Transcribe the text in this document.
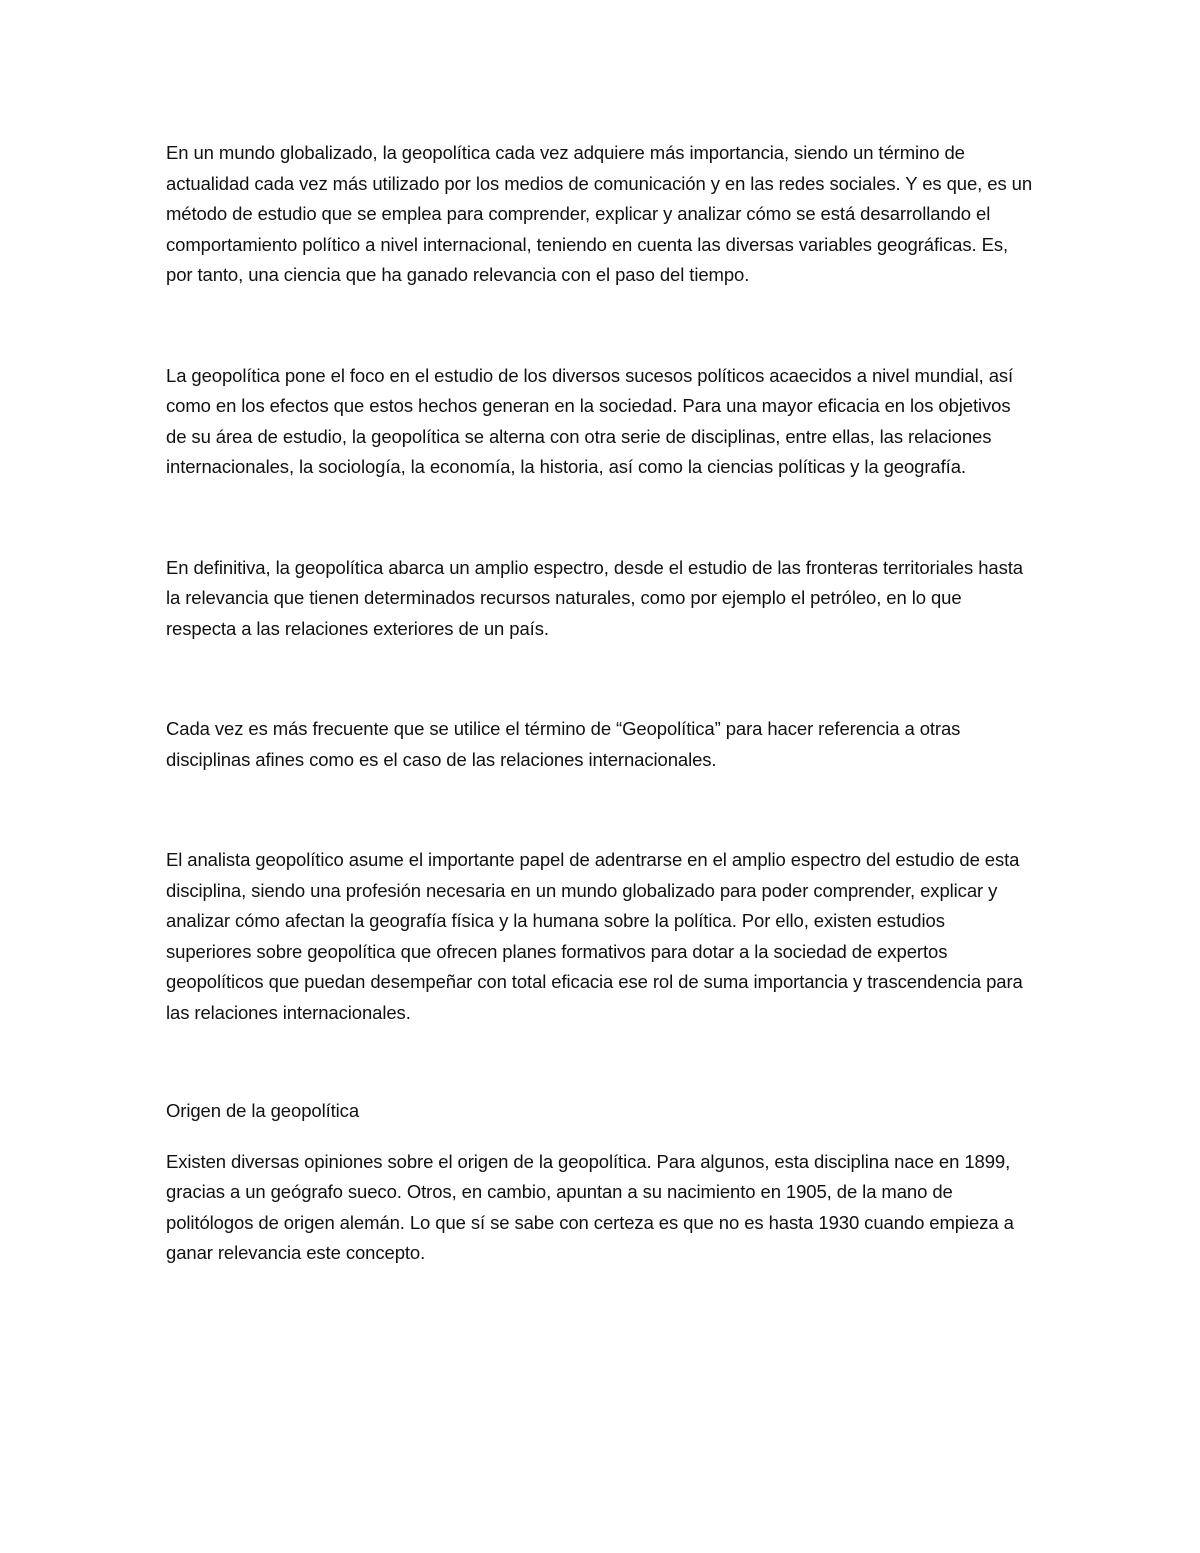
En un mundo globalizado, la geopolítica cada vez adquiere más importancia, siendo un término de actualidad cada vez más utilizado por los medios de comunicación y en las redes sociales. Y es que, es un método de estudio que se emplea para comprender, explicar y analizar cómo se está desarrollando el comportamiento político a nivel internacional, teniendo en cuenta las diversas variables geográficas. Es, por tanto, una ciencia que ha ganado relevancia con el paso del tiempo.

La geopolítica pone el foco en el estudio de los diversos sucesos políticos acaecidos a nivel mundial, así como en los efectos que estos hechos generan en la sociedad. Para una mayor eficacia en los objetivos de su área de estudio, la geopolítica se alterna con otra serie de disciplinas, entre ellas, las relaciones internacionales, la sociología, la economía, la historia, así como la ciencias políticas y la geografía.

En definitiva, la geopolítica abarca un amplio espectro, desde el estudio de las fronteras territoriales hasta la relevancia que tienen determinados recursos naturales, como por ejemplo el petróleo, en lo que respecta a las relaciones exteriores de un país.

Cada vez es más frecuente que se utilice el término de “Geopolítica” para hacer referencia a otras disciplinas afines como es el caso de las relaciones internacionales.

El analista geopolítico asume el importante papel de adentrarse en el amplio espectro del estudio de esta disciplina, siendo una profesión necesaria en un mundo globalizado para poder comprender, explicar y analizar cómo afectan la geografía física y la humana sobre la política. Por ello, existen estudios superiores sobre geopolítica que ofrecen planes formativos para dotar a la sociedad de expertos geopolíticos que puedan desempeñar con total eficacia ese rol de suma importancia y trascendencia para las relaciones internacionales.

Origen de la geopolítica

Existen diversas opiniones sobre el origen de la geopolítica. Para algunos, esta disciplina nace en 1899, gracias a un geógrafo sueco. Otros, en cambio, apuntan a su nacimiento en 1905, de la mano de politólogos de origen alemán. Lo que sí se sabe con certeza es que no es hasta 1930 cuando empieza a ganar relevancia este concepto.
